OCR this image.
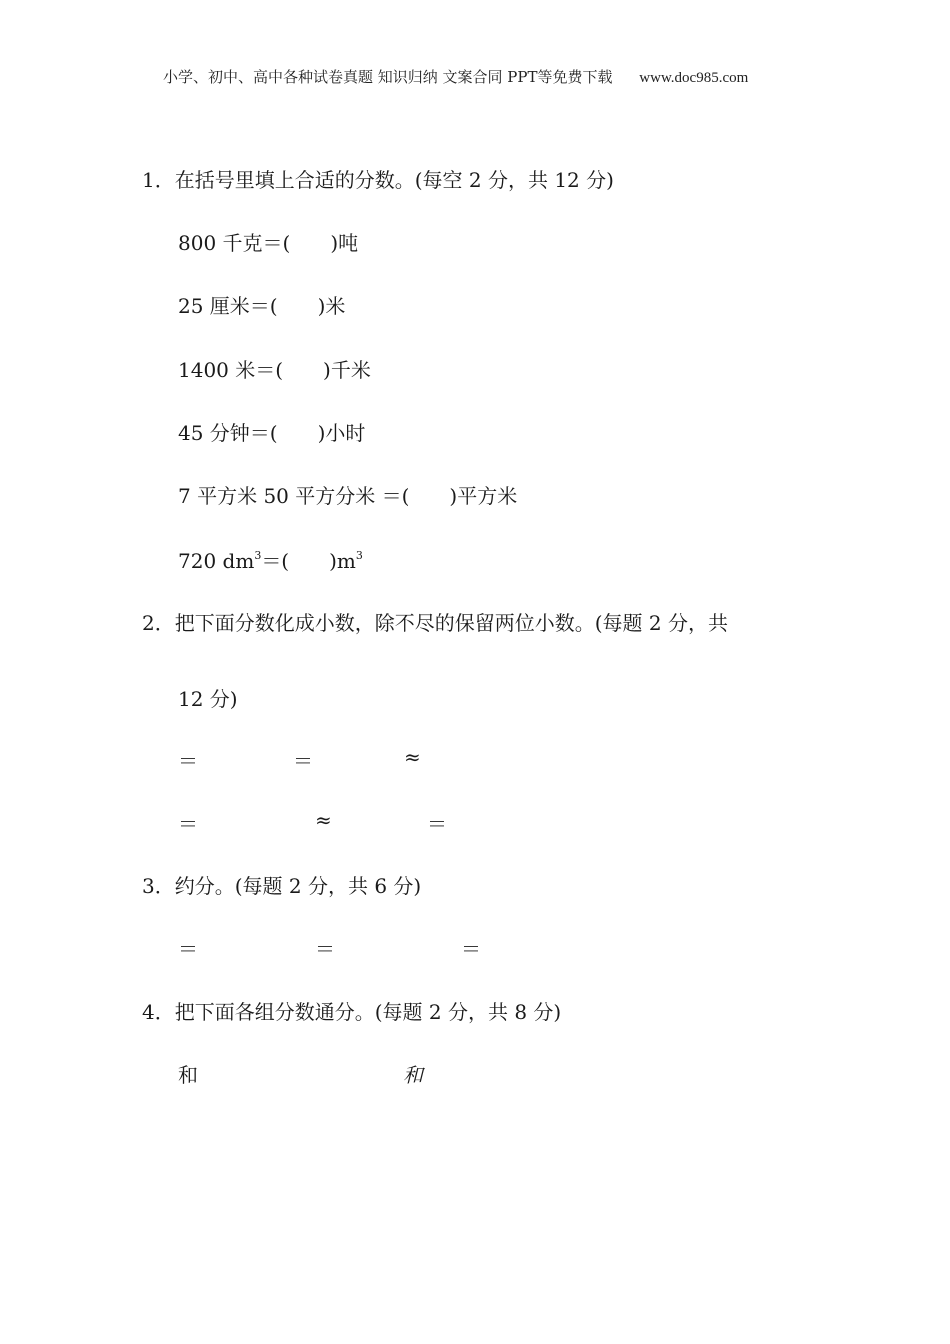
小学、初中、高中各种试卷真题 知识归纳 文案合同 PPT等免费下载 www.doc985.com
1．在括号里填上合适的分数。(每空 2 分，共 12 分)
800 千克＝(　　)吨
25 厘米＝(　　)米
1400 米＝(　　)千米
45 分钟＝(　　)小时
7 平方米 50 平方分米 ＝(　　)平方米
720 $dm^3=$(　　)$m^3$
2．把下面分数化成小数，除不尽的保留两位小数。(每题 2 分，共
12 分)
＝	＝	≈
＝	≈	＝
3．约分。(每题 2 分，共 6 分)
＝	＝	＝
4．把下面各组分数通分。(每题 2 分，共 8 分)
和	和
